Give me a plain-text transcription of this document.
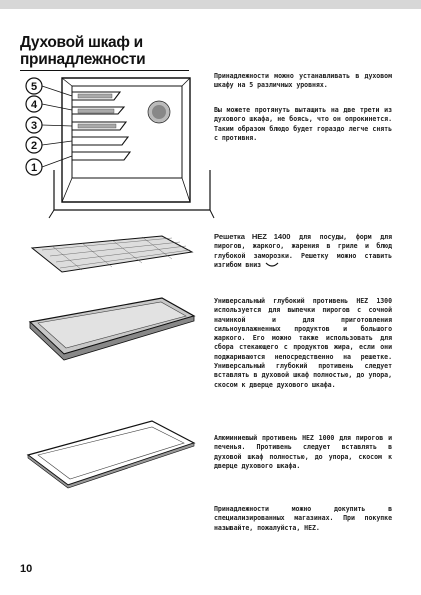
Духовой шкаф и принадлежности
5
4
3
2
1
Принадлежности можно устанавливать в духовом шкафу на 5 различных уровнях.
Вы можете протянуть вытащить на две трети из духового шкафа, не боясь, что он опрокинется. Таким образом блюдо будет гораздо легче снять с противня.
Решетка HEZ 1400 для посуды, форм для пирогов, жаркого, жарения в гриле и блюд глубокой заморозки. Решетку можно ставить изгибом вниз
Универсальный глубокий противень HEZ 1300 используется для выпечки пирогов с сочной начинкой и для приготовления сильноувлажненных продуктов и большого жаркого. Его можно также использовать для сбора стекающего с продуктов жира, если они поджариваются непосредственно на решетке. Универсальный глубокий противень следует вставлять в духовой шкаф полностью, до упора, скосом к дверце духового шкафа.
Алюминиевый противень HEZ 1000 для пирогов и печенья. Противень следует вставлять в духовой шкаф полностью, до упора, скосом к дверце духового шкафа.
Принадлежности можно докупить в специализированных магазинах. При покупке называйте, пожалуйста, HEZ.
10
